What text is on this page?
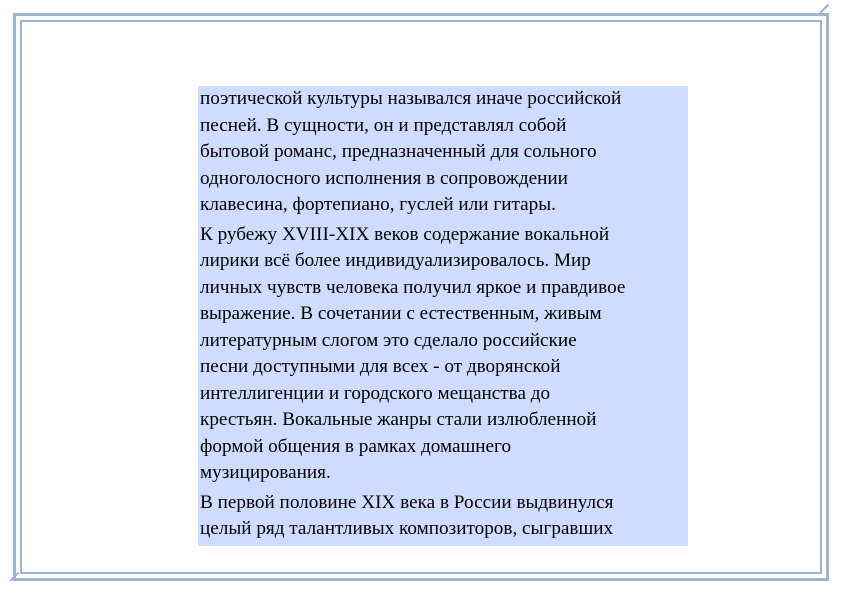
поэтической культуры назывался иначе российской
песней. В сущности, он и представлял собой
бытовой романс, предназначенный для сольного
одноголосного исполнения в сопровождении
клавесина, фортепиано, гуслей или гитары.

К рубежу XVIII-XIX веков содержание вокальной
лирики всё более индивидуализировалось. Мир
личных чувств человека получил яркое и правдивое
выражение. В сочетании с естественным, живым
литературным слогом это сделало российские
песни доступными для всех - от дворянской
интеллигенции и городского мещанства до
крестьян. Вокальные жанры стали излюбленной
формой общения в рамках домашнего
музицирования.

В первой половине XIX века в России выдвинулся
целый ряд талантливых композиторов, сыгравших
